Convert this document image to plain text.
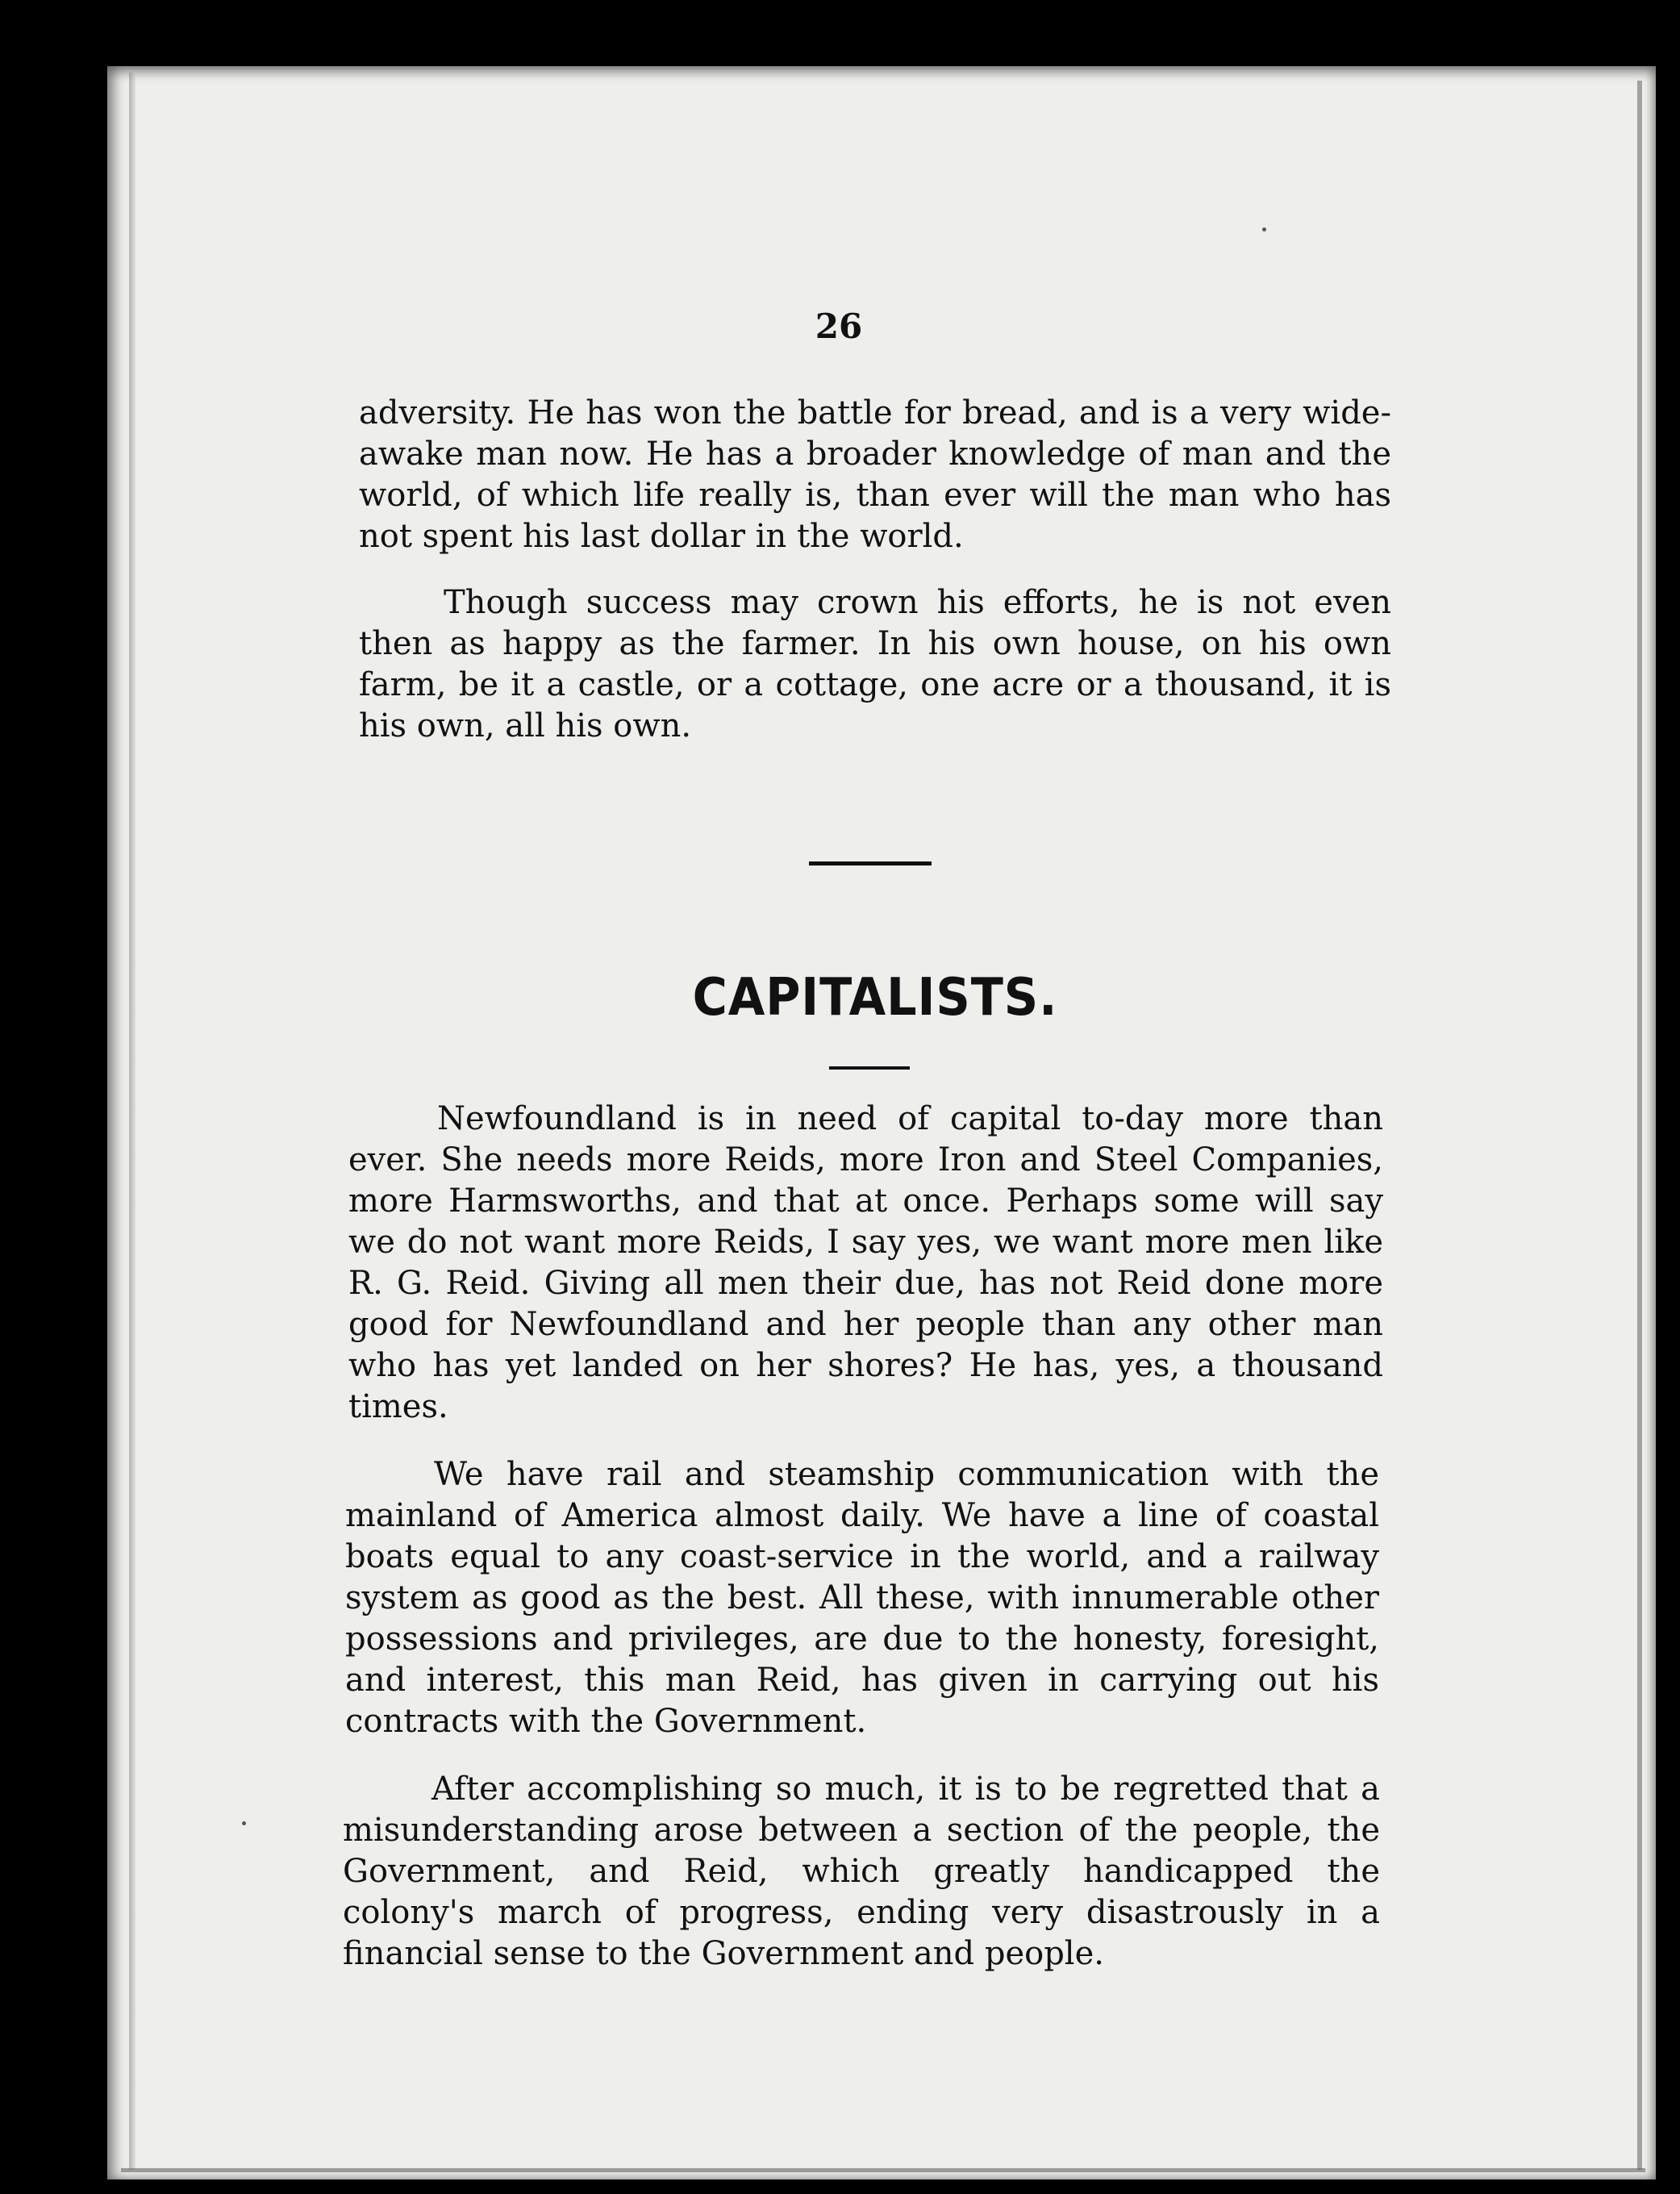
26

adversity. He has won the battle for bread, and is a very wide-awake man now. He has a broader knowledge of man and the world, of which life really is, than ever will the man who has not spent his last dollar in the world.

Though success may crown his efforts, he is not even then as happy as the farmer. In his own house, on his own farm, be it a castle, or a cottage, one acre or a thousand, it is his own, all his own.

CAPITALISTS.

Newfoundland is in need of capital to-day more than ever. She needs more Reids, more Iron and Steel Companies, more Harmsworths, and that at once. Perhaps some will say we do not want more Reids, I say yes, we want more men like R. G. Reid. Giving all men their due, has not Reid done more good for Newfoundland and her people than any other man who has yet landed on her shores? He has, yes, a thousand times.

We have rail and steamship communication with the mainland of America almost daily. We have a line of coastal boats equal to any coast-service in the world, and a railway system as good as the best. All these, with innumerable other possessions and privileges, are due to the honesty, foresight, and interest, this man Reid, has given in carrying out his contracts with the Government.

After accomplishing so much, it is to be regretted that a misunderstanding arose between a section of the people, the Government, and Reid, which greatly handicapped the colony's march of progress, ending very disastrously in a financial sense to the Government and people.
